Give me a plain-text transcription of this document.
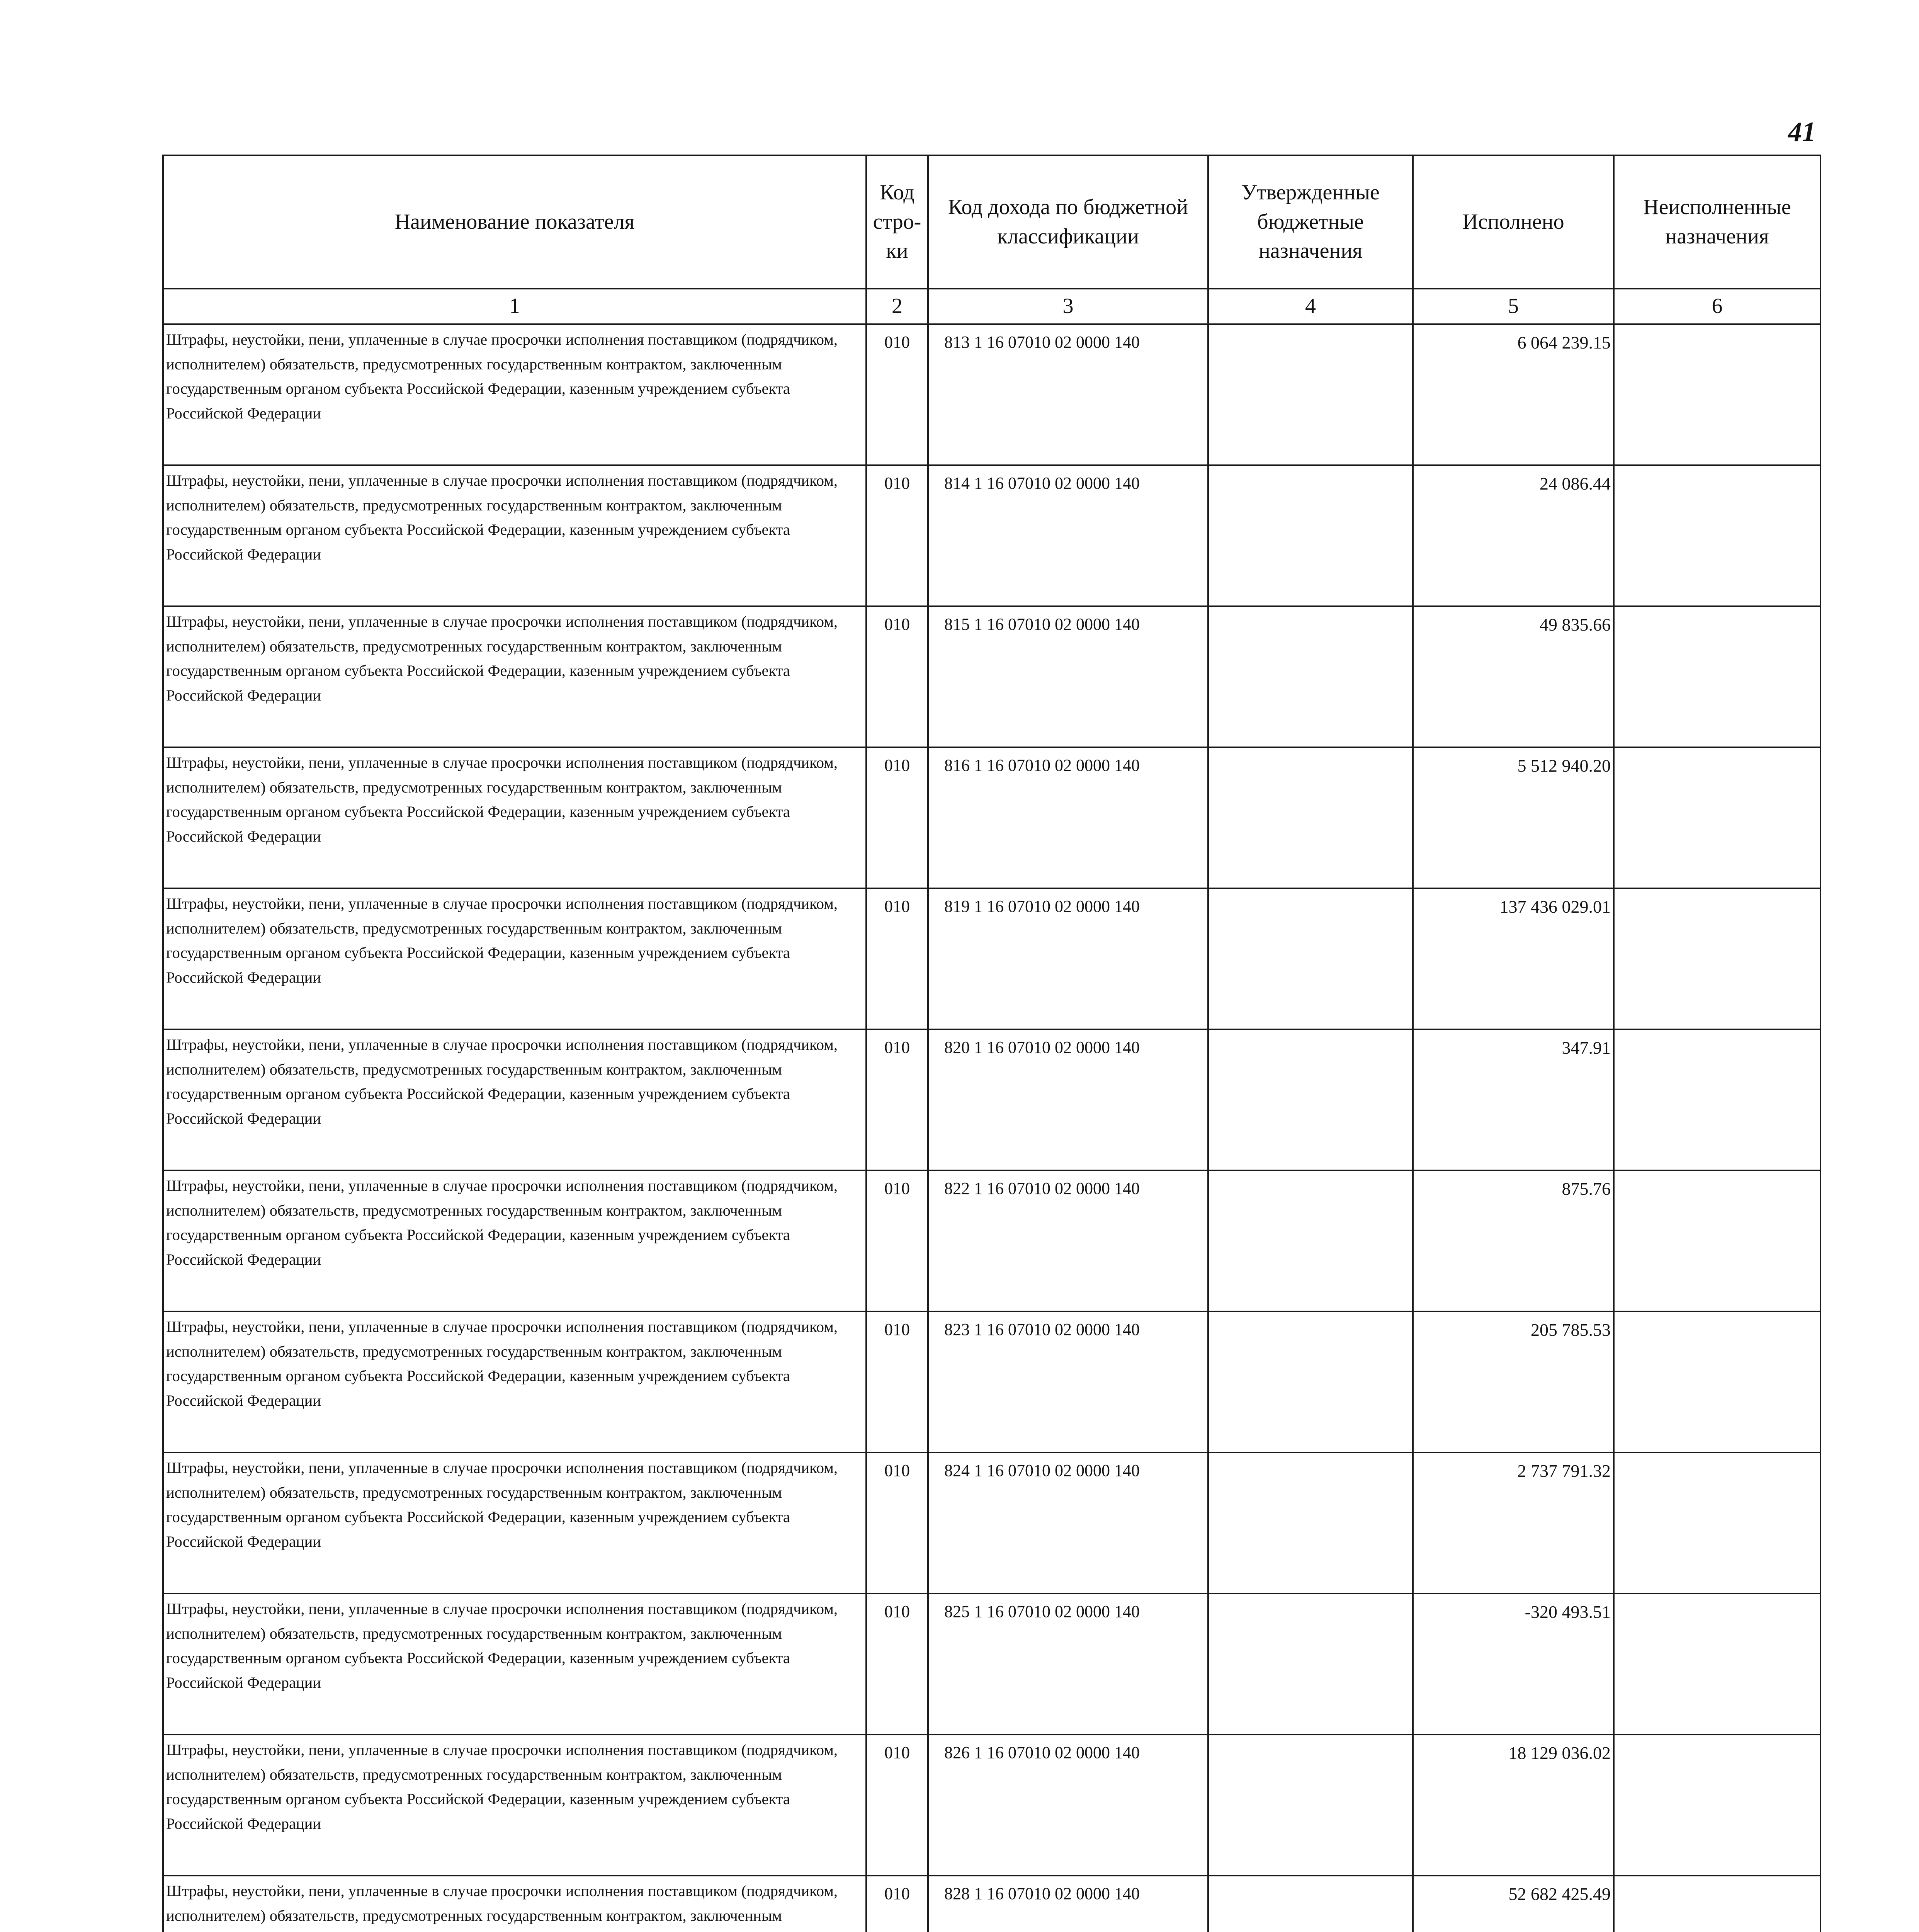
41
Наименование показателя	Код стро-ки	Код дохода по бюджетной классификации	Утвержденные бюджетные назначения	Исполнено	Неисполненные назначения
1	2	3	4	5	6
Штрафы, неустойки, пени, уплаченные в случае просрочки исполнения поставщиком (подрядчиком, исполнителем) обязательств, предусмотренных государственным контрактом, заключенным государственным органом субъекта Российской Федерации, казенным учреждением субъекта Российской Федерации	010	813 1 16 07010 02 0000 140		6 064 239.15	
Штрафы, неустойки, пени, уплаченные в случае просрочки исполнения поставщиком (подрядчиком, исполнителем) обязательств, предусмотренных государственным контрактом, заключенным государственным органом субъекта Российской Федерации, казенным учреждением субъекта Российской Федерации	010	814 1 16 07010 02 0000 140		24 086.44	
Штрафы, неустойки, пени, уплаченные в случае просрочки исполнения поставщиком (подрядчиком, исполнителем) обязательств, предусмотренных государственным контрактом, заключенным государственным органом субъекта Российской Федерации, казенным учреждением субъекта Российской Федерации	010	815 1 16 07010 02 0000 140		49 835.66	
Штрафы, неустойки, пени, уплаченные в случае просрочки исполнения поставщиком (подрядчиком, исполнителем) обязательств, предусмотренных государственным контрактом, заключенным государственным органом субъекта Российской Федерации, казенным учреждением субъекта Российской Федерации	010	816 1 16 07010 02 0000 140		5 512 940.20	
Штрафы, неустойки, пени, уплаченные в случае просрочки исполнения поставщиком (подрядчиком, исполнителем) обязательств, предусмотренных государственным контрактом, заключенным государственным органом субъекта Российской Федерации, казенным учреждением субъекта Российской Федерации	010	819 1 16 07010 02 0000 140		137 436 029.01	
Штрафы, неустойки, пени, уплаченные в случае просрочки исполнения поставщиком (подрядчиком, исполнителем) обязательств, предусмотренных государственным контрактом, заключенным государственным органом субъекта Российской Федерации, казенным учреждением субъекта Российской Федерации	010	820 1 16 07010 02 0000 140		347.91	
Штрафы, неустойки, пени, уплаченные в случае просрочки исполнения поставщиком (подрядчиком, исполнителем) обязательств, предусмотренных государственным контрактом, заключенным государственным органом субъекта Российской Федерации, казенным учреждением субъекта Российской Федерации	010	822 1 16 07010 02 0000 140		875.76	
Штрафы, неустойки, пени, уплаченные в случае просрочки исполнения поставщиком (подрядчиком, исполнителем) обязательств, предусмотренных государственным контрактом, заключенным государственным органом субъекта Российской Федерации, казенным учреждением субъекта Российской Федерации	010	823 1 16 07010 02 0000 140		205 785.53	
Штрафы, неустойки, пени, уплаченные в случае просрочки исполнения поставщиком (подрядчиком, исполнителем) обязательств, предусмотренных государственным контрактом, заключенным государственным органом субъекта Российской Федерации, казенным учреждением субъекта Российской Федерации	010	824 1 16 07010 02 0000 140		2 737 791.32	
Штрафы, неустойки, пени, уплаченные в случае просрочки исполнения поставщиком (подрядчиком, исполнителем) обязательств, предусмотренных государственным контрактом, заключенным государственным органом субъекта Российской Федерации, казенным учреждением субъекта Российской Федерации	010	825 1 16 07010 02 0000 140		-320 493.51	
Штрафы, неустойки, пени, уплаченные в случае просрочки исполнения поставщиком (подрядчиком, исполнителем) обязательств, предусмотренных государственным контрактом, заключенным государственным органом субъекта Российской Федерации, казенным учреждением субъекта Российской Федерации	010	826 1 16 07010 02 0000 140		18 129 036.02	
Штрафы, неустойки, пени, уплаченные в случае просрочки исполнения поставщиком (подрядчиком, исполнителем) обязательств, предусмотренных государственным контрактом, заключенным	010	828 1 16 07010 02 0000 140		52 682 425.49	
